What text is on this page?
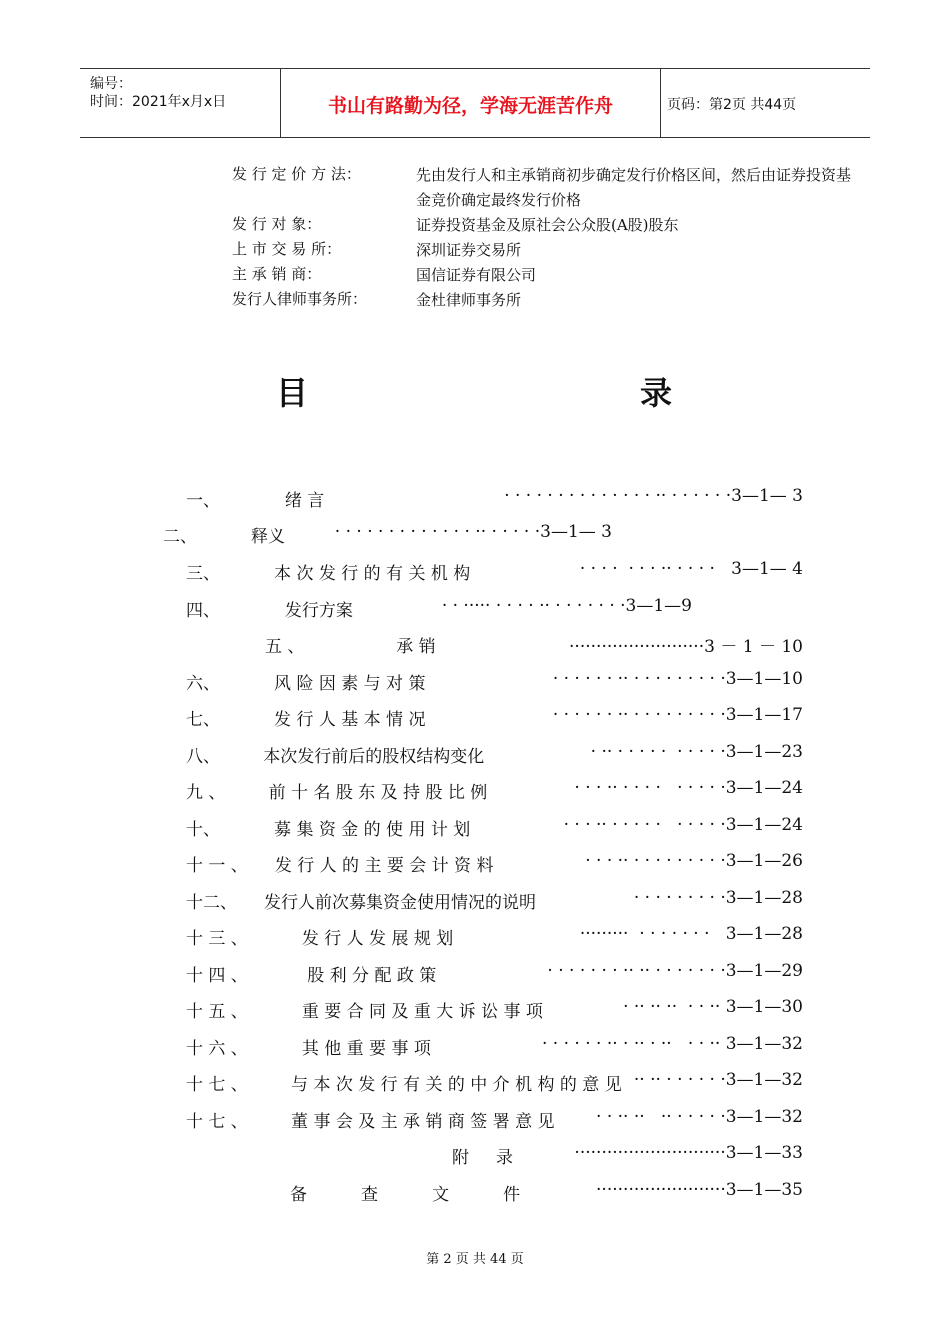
编号：
时间：2021年x月x日	书山有路勤为径，学海无涯苦作舟	页码：第2页 共44页
发 行 定 价 方 法：	先由发行人和主承销商初步确定发行价格区间，然后由证券投资基金竞价确定最终发行价格
发 行 对 象：	证券投资基金及原社会公众股(A股)股东
上 市 交 易 所：	深圳证券交易所
主 承 销 商：	国信证券有限公司
发行人律师事务所：	金杜律师事务所
目	录
一、            绪 言	· · · · · · · · · · · · · · ·· · · · · · ·3—1— 3
二、          释义	· · · · · · · · · · · · · ·· · · · · ·3—1— 3
三、          本 次 发 行 的 有 关 机 构	· · · ·  · · · ·· · · · ·   3—1— 4
四、            发行方案	· · ····· · · · · ·· · · · · · · ·3—1—9
五 、                 承 销	·························3 － 1 － 10
六、          风 险 因 素 与 对 策	· · · · · · ·· · · · · · · · · ·3—1—10
七、          发 行 人 基 本 情 况	· · · · · · ·· · · · · · · · · ·3—1—17
八、        本次发行前后的股权结构变化	· ·· · · · · ·  · · · · ·3—1—23
九 、        前 十 名 股 东 及 持 股 比 例	· · · ·· · · · ·   · · · · ·3—1—24
十、          募 集 资 金 的 使 用 计 划	· · · ·· · · · · ·   · · · · ·3—1—24
十 一 、     发 行 人 的 主 要 会 计 资 料	· · · ·· · · · · · · · · ·3—1—26
十二、     发行人前次募集资金使用情况的说明	· · · · · · · · ·3—1—28
十 三 、          发 行 人 发 展 规 划	·········  · · · · · · ·   3—1—28
十 四 、           股 利 分 配 政 策	· · · · · · · ·· ·· · · · · · · ·3—1—29
十 五 、          重 要 合 同 及 重 大 诉 讼 事 项	· ·· ·· ··  · · ·· 3—1—30
十 六 、          其 他 重 要 事 项	· · · · · · ·· · ·· · ··   · · ·· 3—1—32
十 七 、        与 本 次 发 行 有 关 的 中 介 机 构 的 意 见 ·· ·· · · · · · ·3—1—32
十 七 、        董 事 会 及 主 承 销 商 签 署 意 见 · · ·· ··   ·· · · · · ·3—1—32
附     录	····························3—1—33
备          查          文          件	························3—1—35
第 2 页 共 44 页
